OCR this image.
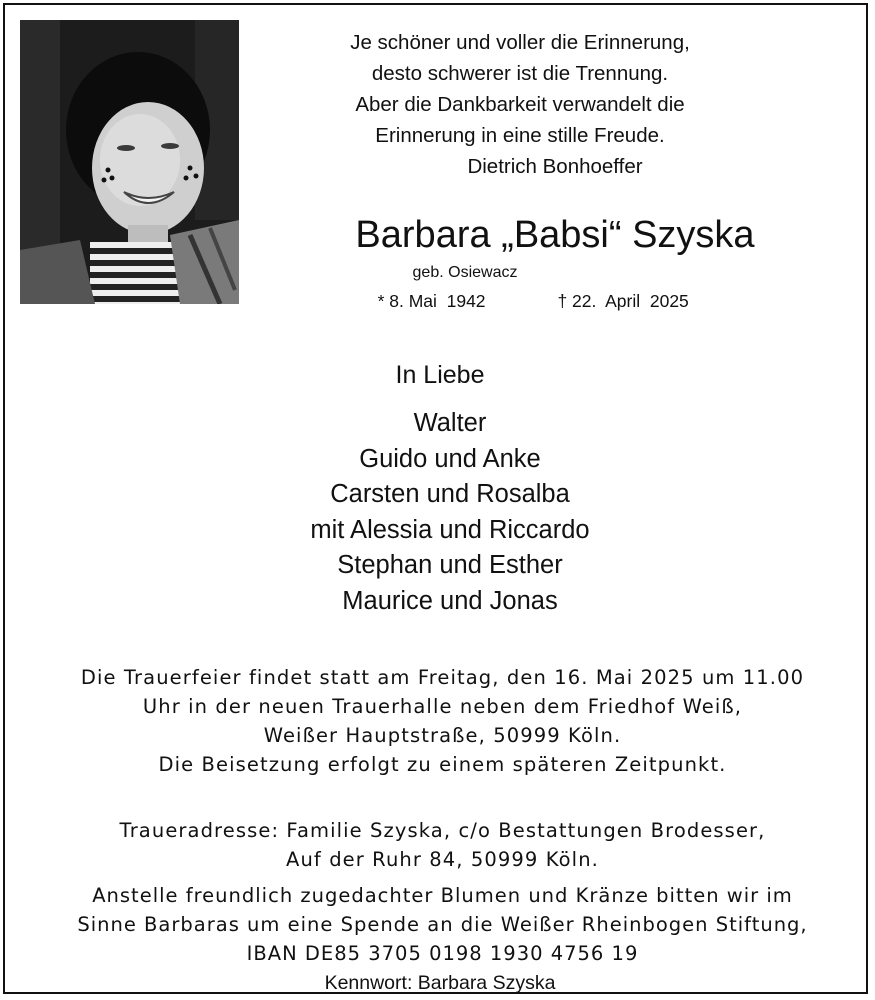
Je schöner und voller die Erinnerung,
desto schwerer ist die Trennung.
Aber die Dankbarkeit verwandelt die
Erinnerung in eine stille Freude.
Dietrich Bonhoeffer
Barbara „Babsi“ Szyska
geb. Osiewacz
* 8. Mai  1942	† 22.  April  2025
In Liebe
Walter
Guido und Anke
Carsten und Rosalba
mit Alessia und Riccardo
Stephan und Esther
Maurice und Jonas
Die Trauerfeier findet statt am Freitag, den 16. Mai 2025 um 11.00
Uhr in der neuen Trauerhalle neben dem Friedhof Weiß,
Weißer Hauptstraße, 50999 Köln.
Die Beisetzung erfolgt zu einem späteren Zeitpunkt.
Traueradresse: Familie Szyska, c/o Bestattungen Brodesser,
Auf der Ruhr 84, 50999 Köln.
Anstelle freundlich zugedachter Blumen und Kränze bitten wir im
Sinne Barbaras um eine Spende an die Weißer Rheinbogen Stiftung,
IBAN DE85 3705 0198 1930 4756 19
Kennwort: Barbara Szyska
